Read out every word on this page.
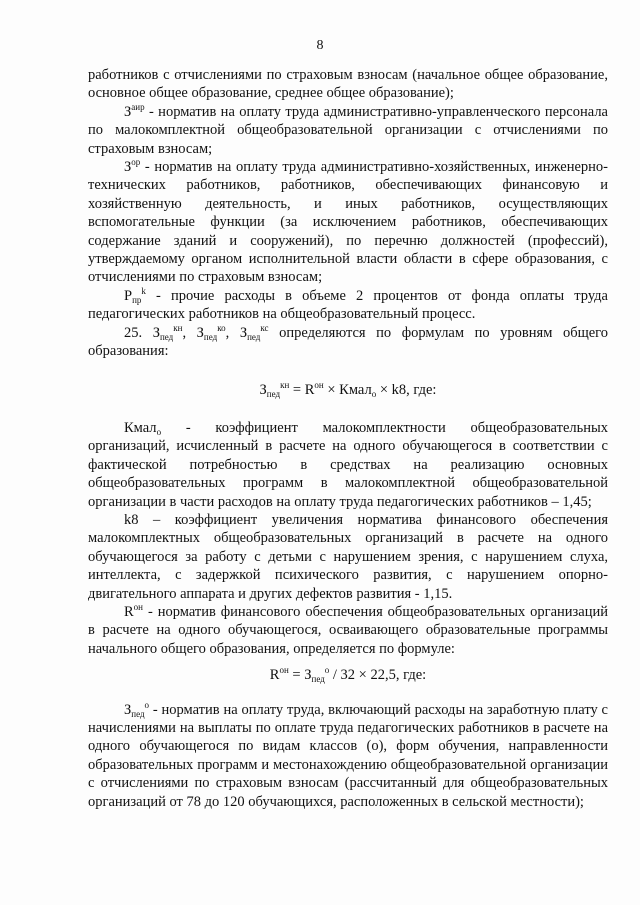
8

работников с отчислениями по страховым взносам (начальное общее образование, основное общее образование, среднее общее образование);

$З^{аир}$ - норматив на оплату труда административно-управленческого персонала по малокомплектной общеобразовательной организации с отчислениями по страховым взносам;

$З^{ор}$ - норматив на оплату труда административно-хозяйственных, инженерно-технических работников, работников, обеспечивающих финансовую и хозяйственную деятельность, и иных работников, осуществляющих вспомогательные функции (за исключением работников, обеспечивающих содержание зданий и сооружений), по перечню должностей (профессий), утверждаемому органом исполнительной власти области в сфере образования, с отчислениями по страховым взносам;

$Р_{пр}^k$ - прочие расходы в объеме 2 процентов от фонда оплаты труда педагогических работников на общеобразовательный процесс.

25. $З_{пед}^{кн}$, $З_{пед}^{ко}$, $З_{пед}^{кс}$ определяются по формулам по уровням общего образования:

$З_{пед}^{кн} = R^{он}$ × Кмал$_о$ × k8, где:

Кмал$_о$ - коэффициент малокомплектности общеобразовательных организаций, исчисленный в расчете на одного обучающегося в соответствии с фактической потребностью в средствах на реализацию основных общеобразовательных программ в малокомплектной общеобразовательной организации в части расходов на оплату труда педагогических работников – 1,45;

k8 – коэффициент увеличения норматива финансового обеспечения малокомплектных общеобразовательных организаций в расчете на одного обучающегося за работу с детьми с нарушением зрения, с нарушением слуха, интеллекта, с задержкой психического развития, с нарушением опорно-двигательного аппарата и других дефектов развития - 1,15.

$R^{он}$ - норматив финансового обеспечения общеобразовательных организаций в расчете на одного обучающегося, осваивающего образовательные программы начального общего образования, определяется по формуле:

$R^{он} = З_{пед}^о / 32 \times 22,5$, где:

$З_{пед}^о$ - норматив на оплату труда, включающий расходы на заработную плату с начислениями на выплаты по оплате труда педагогических работников в расчете на одного обучающегося по видам классов (о), форм обучения, направленности образовательных программ и местонахождению общеобразовательной организации с отчислениями по страховым взносам (рассчитанный для общеобразовательных организаций от 78 до 120 обучающихся, расположенных в сельской местности);
